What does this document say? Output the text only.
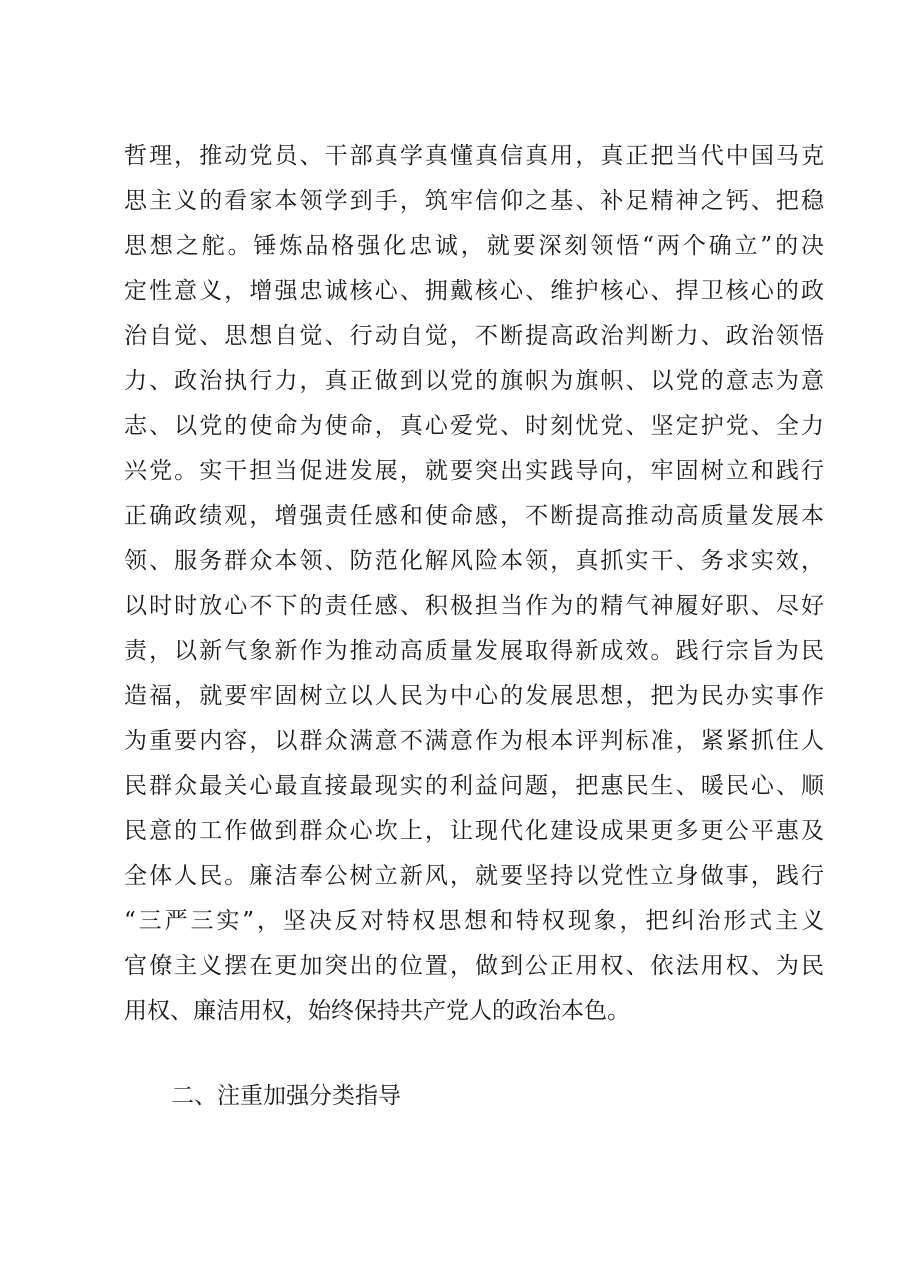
哲理，推动党员、干部真学真懂真信真用，真正把当代中国马克
思主义的看家本领学到手，筑牢信仰之基、补足精神之钙、把稳
思想之舵。锤炼品格强化忠诚，就要深刻领悟“两个确立”的决
定性意义，增强忠诚核心、拥戴核心、维护核心、捍卫核心的政
治自觉、思想自觉、行动自觉，不断提高政治判断力、政治领悟
力、政治执行力，真正做到以党的旗帜为旗帜、以党的意志为意
志、以党的使命为使命，真心爱党、时刻忧党、坚定护党、全力
兴党。实干担当促进发展，就要突出实践导向，牢固树立和践行
正确政绩观，增强责任感和使命感，不断提高推动高质量发展本
领、服务群众本领、防范化解风险本领，真抓实干、务求实效，
以时时放心不下的责任感、积极担当作为的精气神履好职、尽好
责，以新气象新作为推动高质量发展取得新成效。践行宗旨为民
造福，就要牢固树立以人民为中心的发展思想，把为民办实事作
为重要内容，以群众满意不满意作为根本评判标准，紧紧抓住人
民群众最关心最直接最现实的利益问题，把惠民生、暖民心、顺
民意的工作做到群众心坎上，让现代化建设成果更多更公平惠及
全体人民。廉洁奉公树立新风，就要坚持以党性立身做事，践行
“三严三实”，坚决反对特权思想和特权现象，把纠治形式主义
官僚主义摆在更加突出的位置，做到公正用权、依法用权、为民
用权、廉洁用权，始终保持共产党人的政治本色。
二、注重加强分类指导
